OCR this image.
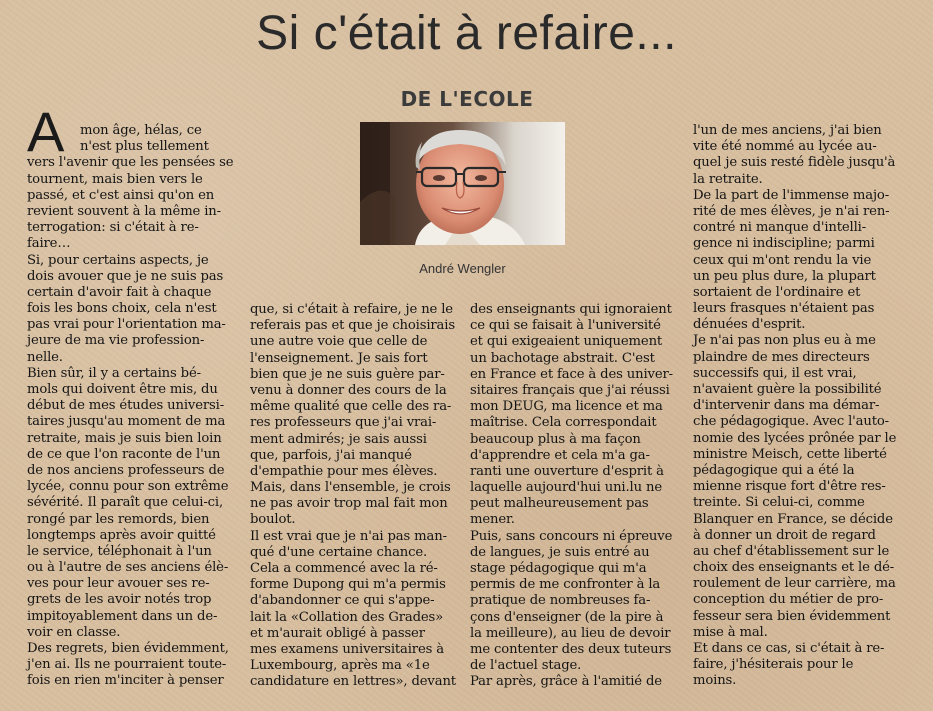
Si c'était à refaire...
DE L'ECOLE
André Wengler
A	mon âge, hélas, ce
n'est plus tellement
vers l'avenir que les pensées se
tournent, mais bien vers le
passé, et c'est ainsi qu'on en
revient souvent à la même in-
terrogation: si c'était à re-
faire…
Si, pour certains aspects, je
dois avouer que je ne suis pas
certain d'avoir fait à chaque
fois les bons choix, cela n'est
pas vrai pour l'orientation ma-
jeure de ma vie profession-
nelle.
Bien sûr, il y a certains bé-
mols qui doivent être mis, du
début de mes études universi-
taires jusqu'au moment de ma
retraite, mais je suis bien loin
de ce que l'on raconte de l'un
de nos anciens professeurs de
lycée, connu pour son extrême
sévérité. Il paraît que celui-ci,
rongé par les remords, bien
longtemps après avoir quitté
le service, téléphonait à l'un
ou à l'autre de ses anciens élè-
ves pour leur avouer ses re-
grets de les avoir notés trop
impitoyablement dans un de-
voir en classe.
Des regrets, bien évidemment,
j'en ai. Ils ne pourraient toute-
fois en rien m'inciter à penser
que, si c'était à refaire, je ne le
referais pas et que je choisirais
une autre voie que celle de
l'enseignement. Je sais fort
bien que je ne suis guère par-
venu à donner des cours de la
même qualité que celle des ra-
res professeurs que j'ai vrai-
ment admirés; je sais aussi
que, parfois, j'ai manqué
d'empathie pour mes élèves.
Mais, dans l'ensemble, je crois
ne pas avoir trop mal fait mon
boulot.
Il est vrai que je n'ai pas man-
qué d'une certaine chance.
Cela a commencé avec la ré-
forme Dupong qui m'a permis
d'abandonner ce qui s'appe-
lait la «Collation des Grades»
et m'aurait obligé à passer
mes examens universitaires à
Luxembourg, après ma «1e
candidature en lettres», devant
des enseignants qui ignoraient
ce qui se faisait à l'université
et qui exigeaient uniquement
un bachotage abstrait. C'est
en France et face à des univer-
sitaires français que j'ai réussi
mon DEUG, ma licence et ma
maîtrise. Cela correspondait
beaucoup plus à ma façon
d'apprendre et cela m'a ga-
ranti une ouverture d'esprit à
laquelle aujourd'hui uni.lu ne
peut malheureusement pas
mener.
Puis, sans concours ni épreuve
de langues, je suis entré au
stage pédagogique qui m'a
permis de me confronter à la
pratique de nombreuses fa-
çons d'enseigner (de la pire à
la meilleure), au lieu de devoir
me contenter des deux tuteurs
de l'actuel stage.
Par après, grâce à l'amitié de
l'un de mes anciens, j'ai bien
vite été nommé au lycée au-
quel je suis resté fidèle jusqu'à
la retraite.
De la part de l'immense majo-
rité de mes élèves, je n'ai ren-
contré ni manque d'intelli-
gence ni indiscipline; parmi
ceux qui m'ont rendu la vie
un peu plus dure, la plupart
sortaient de l'ordinaire et
leurs frasques n'étaient pas
dénuées d'esprit.
Je n'ai pas non plus eu à me
plaindre de mes directeurs
successifs qui, il est vrai,
n'avaient guère la possibilité
d'intervenir dans ma démar-
che pédagogique. Avec l'auto-
nomie des lycées prônée par le
ministre Meisch, cette liberté
pédagogique qui a été la
mienne risque fort d'être res-
treinte. Si celui-ci, comme
Blanquer en France, se décide
à donner un droit de regard
au chef d'établissement sur le
choix des enseignants et le dé-
roulement de leur carrière, ma
conception du métier de pro-
fesseur sera bien évidemment
mise à mal.
Et dans ce cas, si c'était à re-
faire, j'hésiterais pour le
moins.
